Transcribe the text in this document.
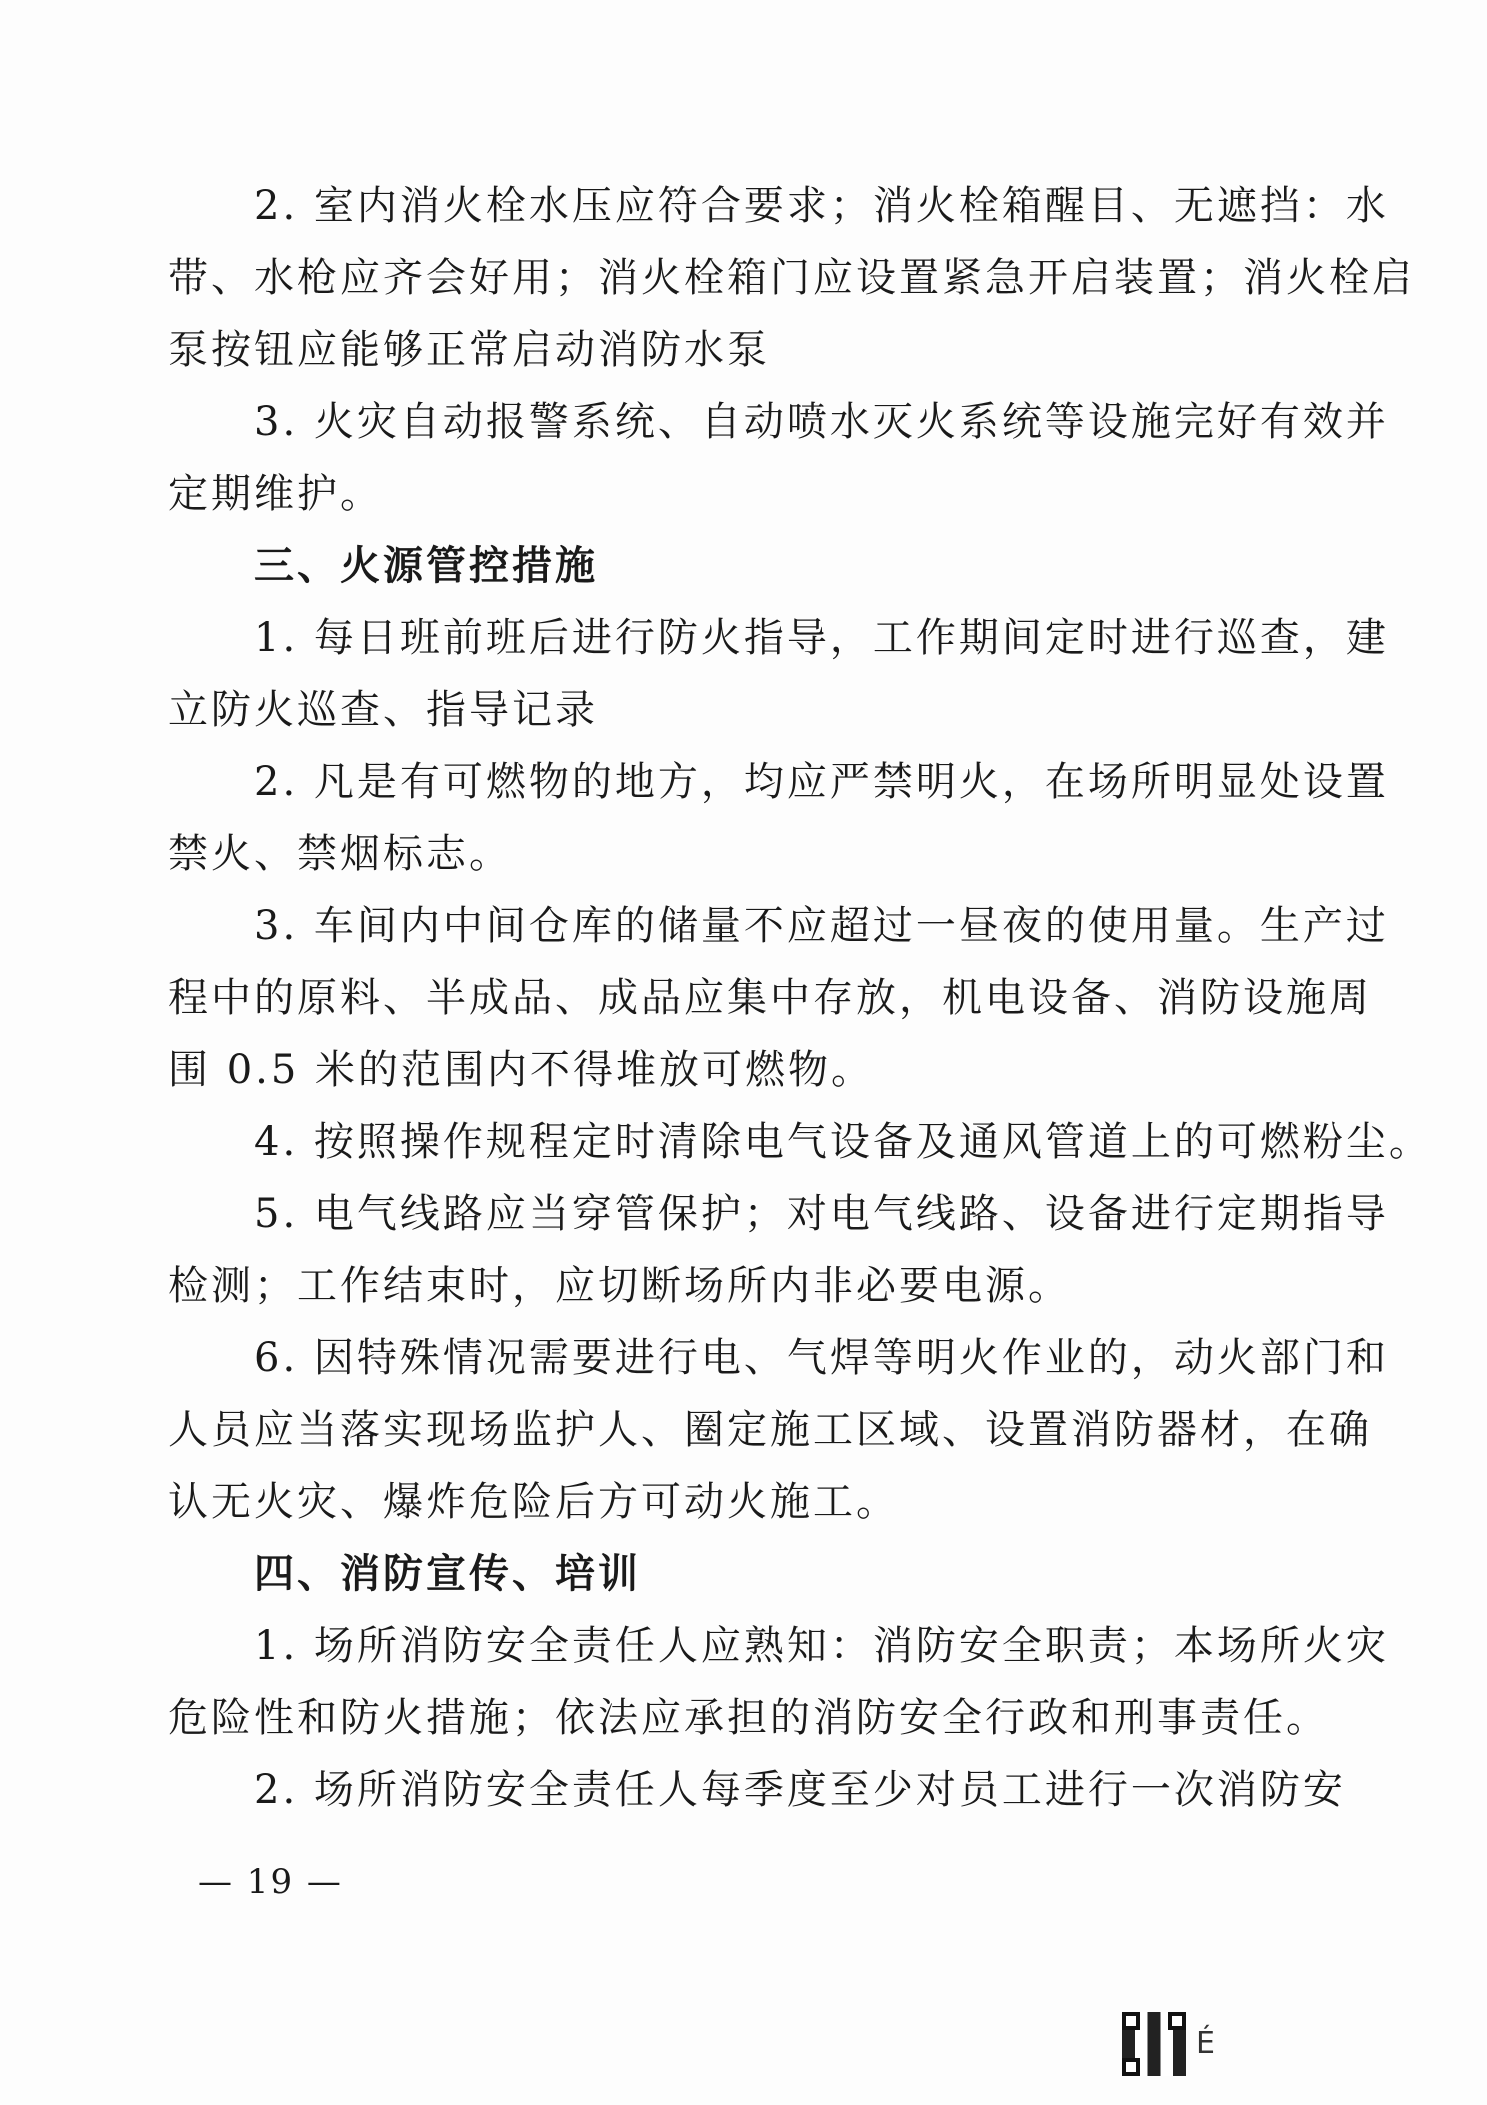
2. 室内消火栓水压应符合要求；消火栓箱醒目、无遮挡：水
带、水枪应齐会好用；消火栓箱门应设置紧急开启装置；消火栓启
泵按钮应能够正常启动消防水泵
3. 火灾自动报警系统、自动喷水灭火系统等设施完好有效并
定期维护。
三、火源管控措施
1. 每日班前班后进行防火指导，工作期间定时进行巡查，建
立防火巡查、指导记录
2. 凡是有可燃物的地方，均应严禁明火，在场所明显处设置
禁火、禁烟标志。
3. 车间内中间仓库的储量不应超过一昼夜的使用量。生产过
程中的原料、半成品、成品应集中存放，机电设备、消防设施周
围 0.5 米的范围内不得堆放可燃物。
4. 按照操作规程定时清除电气设备及通风管道上的可燃粉尘。
5. 电气线路应当穿管保护；对电气线路、设备进行定期指导
检测；工作结束时，应切断场所内非必要电源。
6. 因特殊情况需要进行电、气焊等明火作业的，动火部门和
人员应当落实现场监护人、圈定施工区域、设置消防器材，在确
认无火灾、爆炸危险后方可动火施工。
四、消防宣传、培训
1. 场所消防安全责任人应熟知：消防安全职责；本场所火灾
危险性和防火措施；依法应承担的消防安全行政和刑事责任。
2. 场所消防安全责任人每季度至少对员工进行一次消防安
— 19 —
É
